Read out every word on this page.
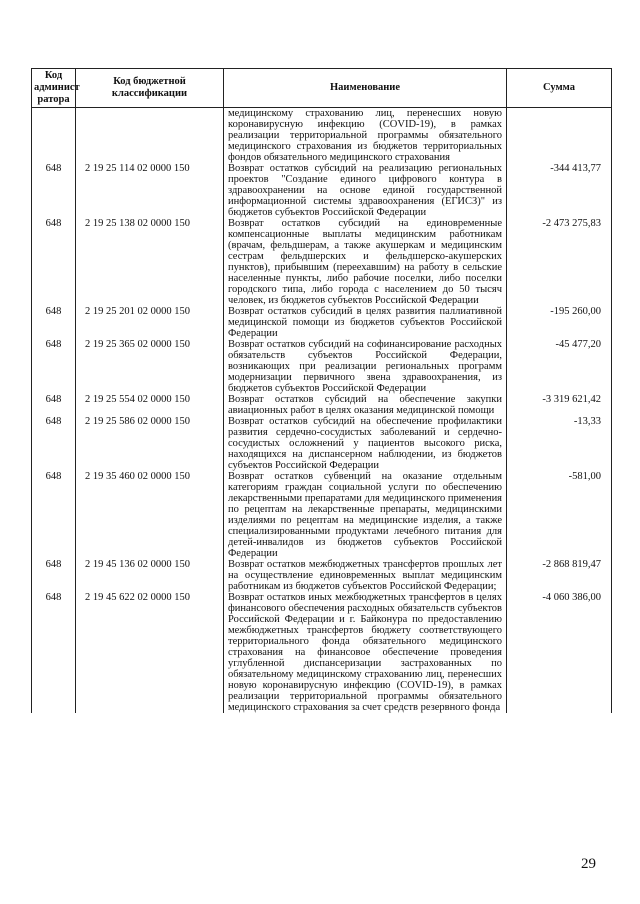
Код админист ратора	Код бюджетной классификации	Наименование	Сумма
		медицинскому страхованию лиц, перенесших новую коронавирусную инфекцию (COVID-19), в рамках реализации территориальной программы обязательного медицинского страхования из бюджетов территориальных фондов обязательного медицинского страхования	
648	2 19 25 114 02 0000 150	Возврат остатков субсидий на реализацию региональных проектов "Создание единого цифрового контура в здравоохранении на основе единой государственной информационной системы здравоохранения (ЕГИСЗ)" из бюджетов субъектов Российской Федерации	-344 413,77
648	2 19 25 138 02 0000 150	Возврат остатков субсидий на единовременные компенсационные выплаты медицинским работникам (врачам, фельдшерам, а также акушеркам и медицинским сестрам фельдшерских и фельдшерско-акушерских пунктов), прибывшим (переехавшим) на работу в сельские населенные пункты, либо рабочие поселки, либо поселки городского типа, либо города с населением до 50 тысяч человек, из бюджетов субъектов Российской Федерации	-2 473 275,83
648	2 19 25 201 02 0000 150	Возврат остатков субсидий в целях развития паллиативной медицинской помощи из бюджетов субъектов Российской Федерации	-195 260,00
648	2 19 25 365 02 0000 150	Возврат остатков субсидий на софинансирование расходных обязательств субъектов Российской Федерации, возникающих при реализации региональных программ модернизации первичного звена здравоохранения, из бюджетов субъектов Российской Федерации	-45 477,20
648	2 19 25 554 02 0000 150	Возврат остатков субсидий на обеспечение закупки авиационных работ в целях оказания медицинской помощи	-3 319 621,42
648	2 19 25 586 02 0000 150	Возврат остатков субсидий на обеспечение профилактики развития сердечно-сосудистых заболеваний и сердечно-сосудистых осложнений у пациентов высокого риска, находящихся на диспансерном наблюдении, из бюджетов субъектов Российской Федерации	-13,33
648	2 19 35 460 02 0000 150	Возврат остатков субвенций на оказание отдельным категориям граждан социальной услуги по обеспечению лекарственными препаратами для медицинского применения по рецептам на лекарственные препараты, медицинскими изделиями по рецептам на медицинские изделия, а также специализированными продуктами лечебного питания для детей-инвалидов из бюджетов субъектов Российской Федерации	-581,00
648	2 19 45 136 02 0000 150	Возврат остатков межбюджетных трансфертов прошлых лет на осуществление единовременных выплат медицинским работникам из бюджетов субъектов Российской Федерации;	-2 868 819,47
648	2 19 45 622 02 0000 150	Возврат остатков иных межбюджетных трансфертов в целях финансового обеспечения расходных обязательств субъектов Российской Федерации и г. Байконура по предоставлению межбюджетных трансфертов бюджету соответствующего территориального фонда обязательного медицинского страхования на финансовое обеспечение проведения углубленной диспансеризации застрахованных по обязательному медицинскому страхованию лиц, перенесших новую коронавирусную инфекцию (COVID-19), в рамках реализации территориальной программы обязательного медицинского страхования за счет средств резервного фонда	-4 060 386,00
29
